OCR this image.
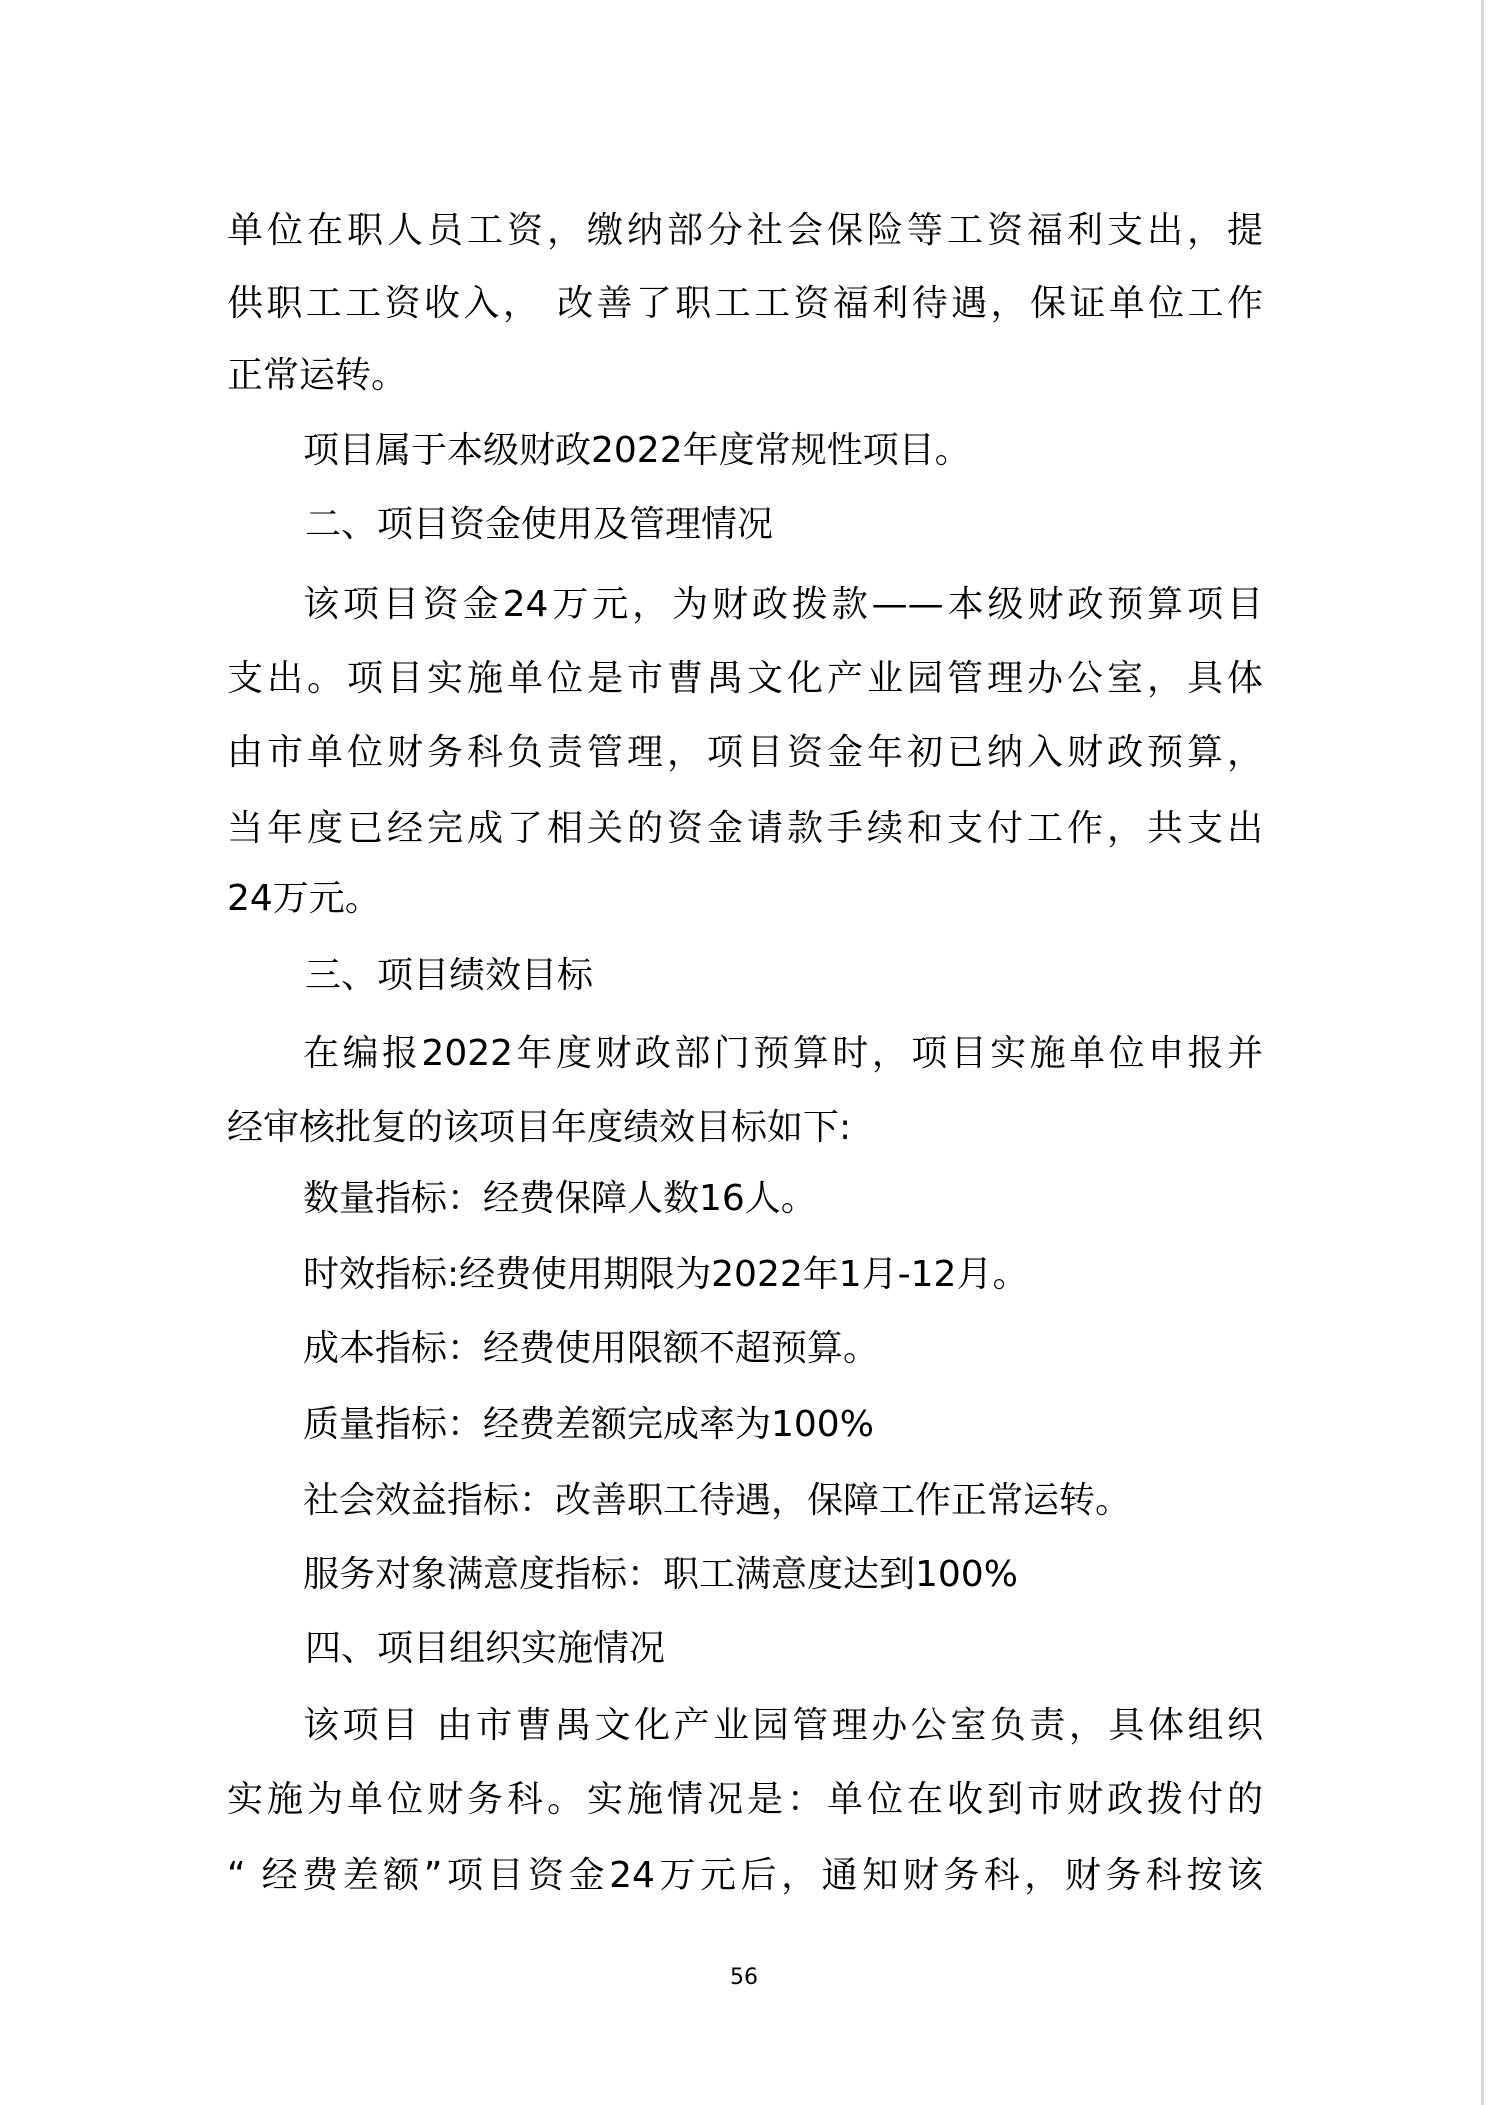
单位在职人员工资，缴纳部分社会保险等工资福利支出，提
供职工工资收入， 改善了职工工资福利待遇，保证单位工作
正常运转。
项目属于本级财政2022年度常规性项目。
二、项目资金使用及管理情况
该项目资金24万元，为财政拨款——本级财政预算项目
支出。项目实施单位是市曹禺文化产业园管理办公室，具体
由市单位财务科负责管理，项目资金年初已纳入财政预算，
当年度已经完成了相关的资金请款手续和支付工作，共支出
24万元。
三、项目绩效目标
在编报2022年度财政部门预算时，项目实施单位申报并
经审核批复的该项目年度绩效目标如下:
数量指标：经费保障人数16人。
时效指标:经费使用期限为2022年1月-12月。
成本指标：经费使用限额不超预算。
质量指标：经费差额完成率为100%
社会效益指标：改善职工待遇，保障工作正常运转。
服务对象满意度指标：职工满意度达到100%
四、项目组织实施情况
该项目 由市曹禺文化产业园管理办公室负责，具体组织
实施为单位财务科。实施情况是：单位在收到市财政拨付的
“ 经费差额”项目资金24万元后，通知财务科，财务科按该
56
